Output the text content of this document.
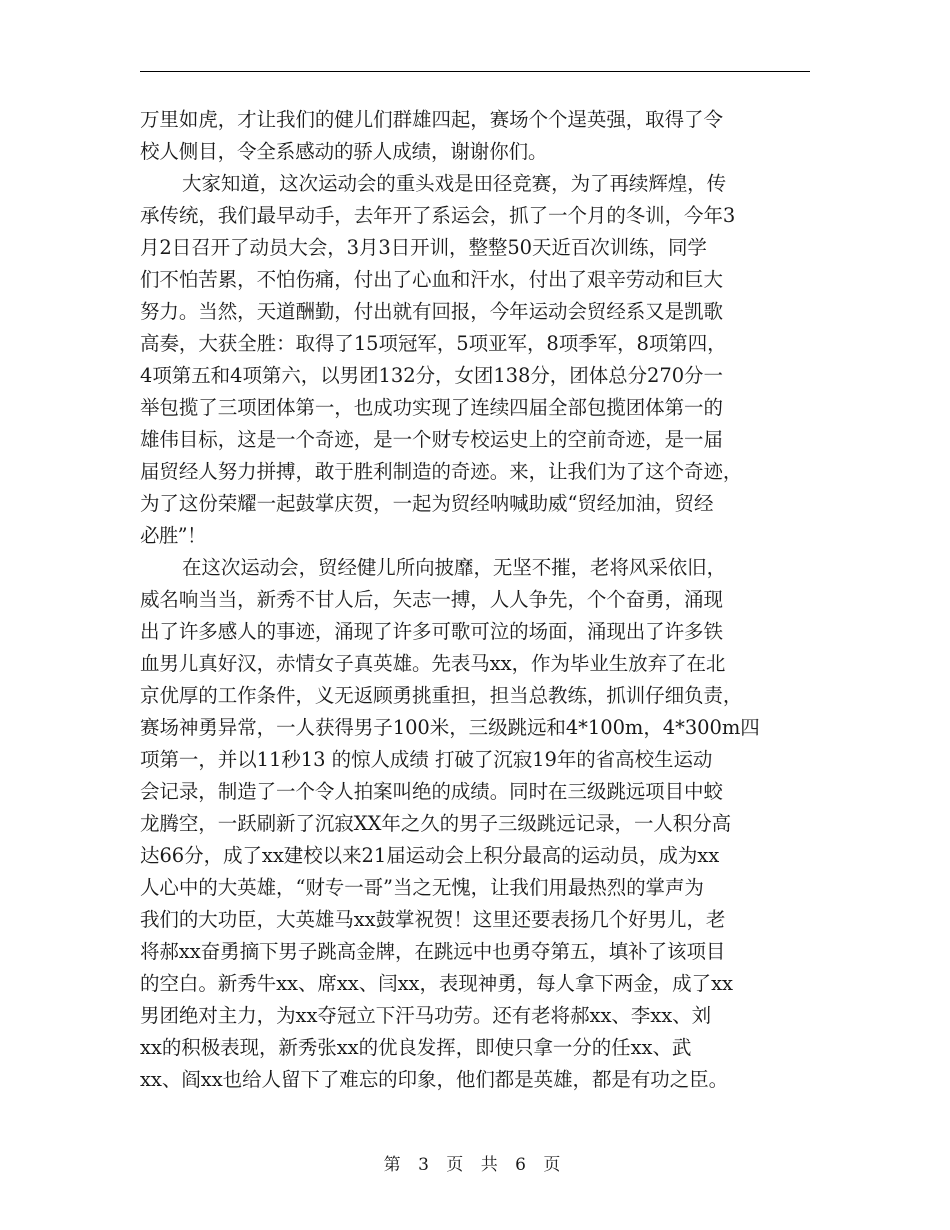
万里如虎，才让我们的健儿们群雄四起，赛场个个逞英强，取得了令
校人侧目，令全系感动的骄人成绩，谢谢你们。
大家知道，这次运动会的重头戏是田径竞赛，为了再续辉煌，传
承传统，我们最早动手，去年开了系运会，抓了一个月的冬训，今年3
月2日召开了动员大会，3月3日开训，整整50天近百次训练，同学
们不怕苦累，不怕伤痛，付出了心血和汗水，付出了艰辛劳动和巨大
努力。当然，天道酬勤，付出就有回报，今年运动会贸经系又是凯歌
高奏，大获全胜：取得了15项冠军，5项亚军，8项季军，8项第四，
4项第五和4项第六，以男团132分，女团138分，团体总分270分一
举包揽了三项团体第一，也成功实现了连续四届全部包揽团体第一的
雄伟目标，这是一个奇迹，是一个财专校运史上的空前奇迹，是一届
届贸经人努力拼搏，敢于胜利制造的奇迹。来，让我们为了这个奇迹，
为了这份荣耀一起鼓掌庆贺，一起为贸经呐喊助威“贸经加油，贸经
必胜”！
在这次运动会，贸经健儿所向披靡，无坚不摧，老将风采依旧，
威名响当当，新秀不甘人后，矢志一搏，人人争先，个个奋勇，涌现
出了许多感人的事迹，涌现了许多可歌可泣的场面，涌现出了许多铁
血男儿真好汉，赤情女子真英雄。先表马xx，作为毕业生放弃了在北
京优厚的工作条件，义无返顾勇挑重担，担当总教练，抓训仔细负责，
赛场神勇异常，一人获得男子100米，三级跳远和4*100m，4*300m四
项第一，并以11秒13 的惊人成绩 打破了沉寂19年的省高校生运动
会记录，制造了一个令人拍案叫绝的成绩。同时在三级跳远项目中蛟
龙腾空，一跃刷新了沉寂XX年之久的男子三级跳远记录，一人积分高
达66分，成了xx建校以来21届运动会上积分最高的运动员，成为xx
人心中的大英雄，“财专一哥”当之无愧，让我们用最热烈的掌声为
我们的大功臣，大英雄马xx鼓掌祝贺！这里还要表扬几个好男儿，老
将郝xx奋勇摘下男子跳高金牌，在跳远中也勇夺第五，填补了该项目
的空白。新秀牛xx、席xx、闫xx，表现神勇，每人拿下两金，成了xx
男团绝对主力，为xx夺冠立下汗马功劳。还有老将郝xx、李xx、刘
xx的积极表现，新秀张xx的优良发挥，即使只拿一分的任xx、武
xx、阎xx也给人留下了难忘的印象，他们都是英雄，都是有功之臣。
第 3 页 共 6 页
